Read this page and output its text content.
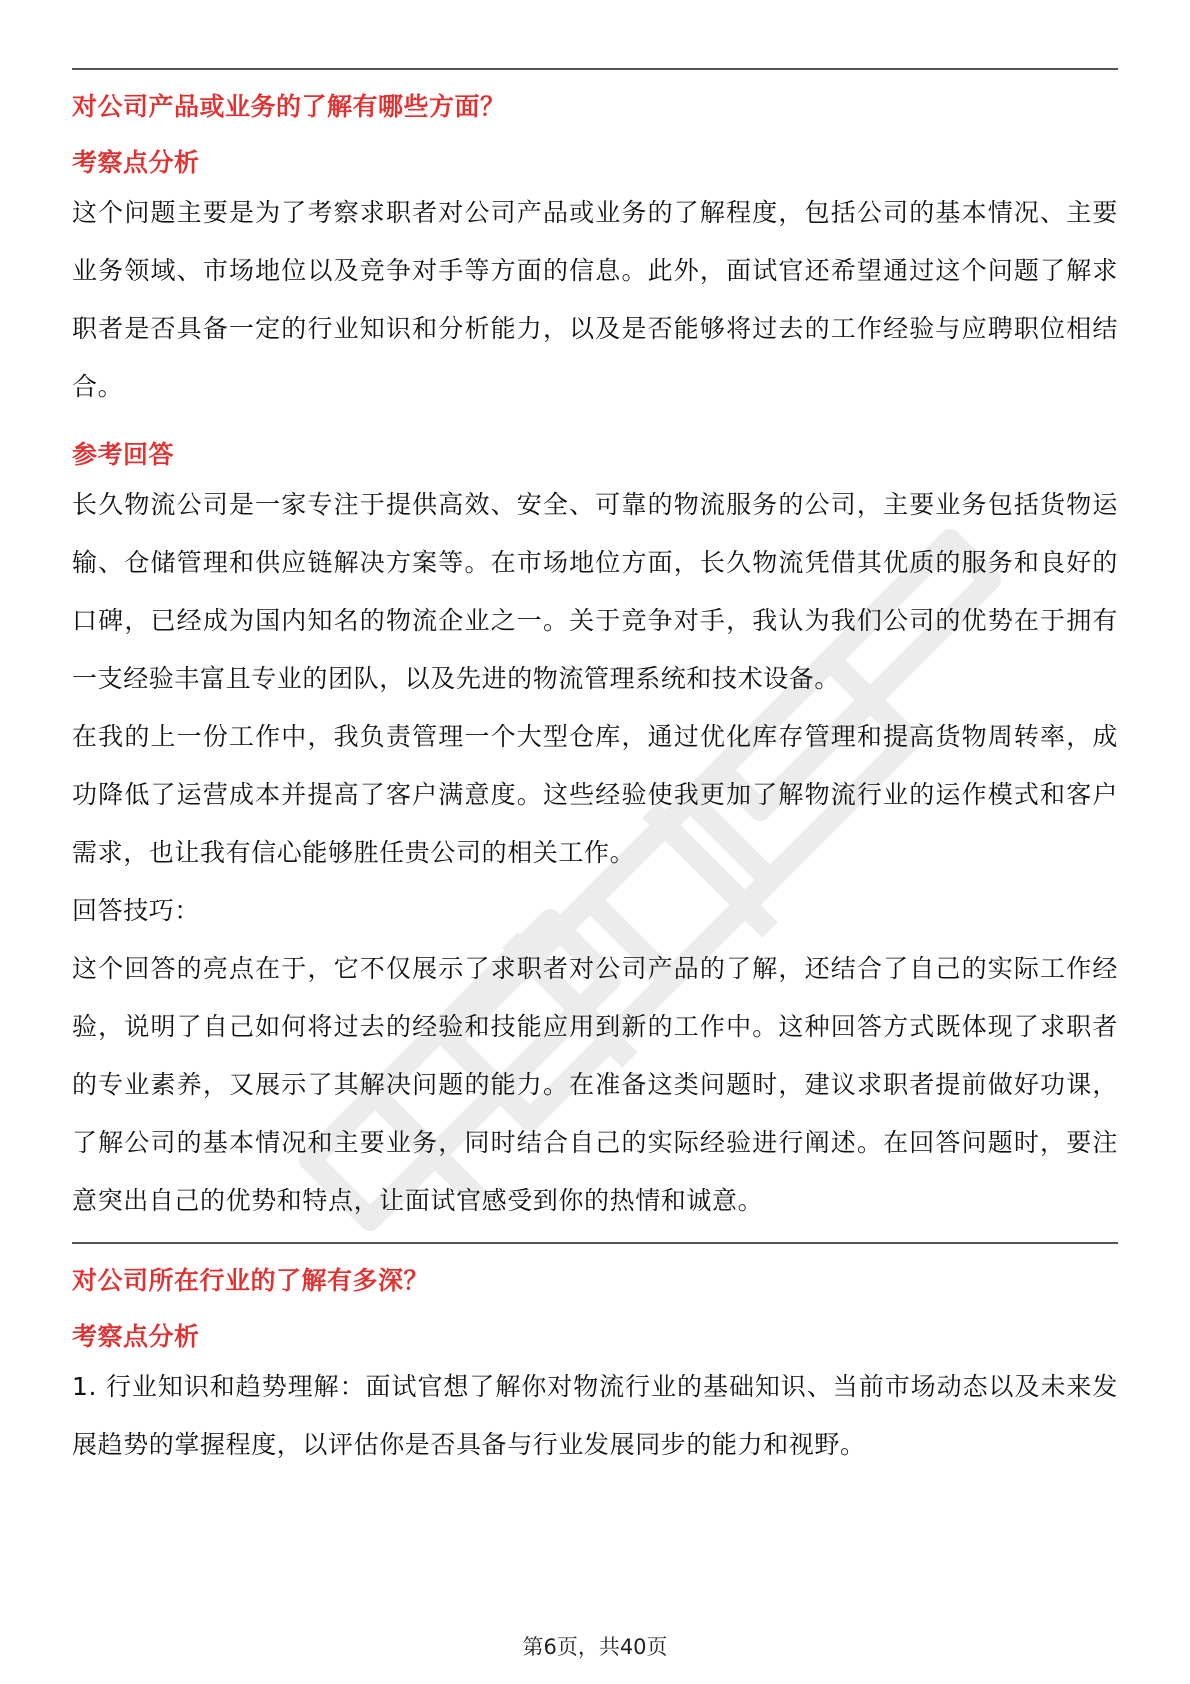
对公司产品或业务的了解有哪些方面？
考察点分析

这个问题主要是为了考察求职者对公司产品或业务的了解程度，包括公司的基本情况、主要业务领域、市场地位以及竞争对手等方面的信息。此外，面试官还希望通过这个问题了解求职者是否具备一定的行业知识和分析能力，以及是否能够将过去的工作经验与应聘职位相结合。

参考回答

长久物流公司是一家专注于提供高效、安全、可靠的物流服务的公司，主要业务包括货物运输、仓储管理和供应链解决方案等。在市场地位方面，长久物流凭借其优质的服务和良好的口碑，已经成为国内知名的物流企业之一。关于竞争对手，我认为我们公司的优势在于拥有一支经验丰富且专业的团队，以及先进的物流管理系统和技术设备。

在我的上一份工作中，我负责管理一个大型仓库，通过优化库存管理和提高货物周转率，成功降低了运营成本并提高了客户满意度。这些经验使我更加了解物流行业的运作模式和客户需求，也让我有信心能够胜任贵公司的相关工作。

回答技巧：

这个回答的亮点在于，它不仅展示了求职者对公司产品的了解，还结合了自己的实际工作经验，说明了自己如何将过去的经验和技能应用到新的工作中。这种回答方式既体现了求职者的专业素养，又展示了其解决问题的能力。在准备这类问题时，建议求职者提前做好功课，了解公司的基本情况和主要业务，同时结合自己的实际经验进行阐述。在回答问题时，要注意突出自己的优势和特点，让面试官感受到你的热情和诚意。

对公司所在行业的了解有多深？
考察点分析

1. 行业知识和趋势理解：面试官想了解你对物流行业的基础知识、当前市场动态以及未来发展趋势的掌握程度，以评估你是否具备与行业发展同步的能力和视野。

第6页，共40页
